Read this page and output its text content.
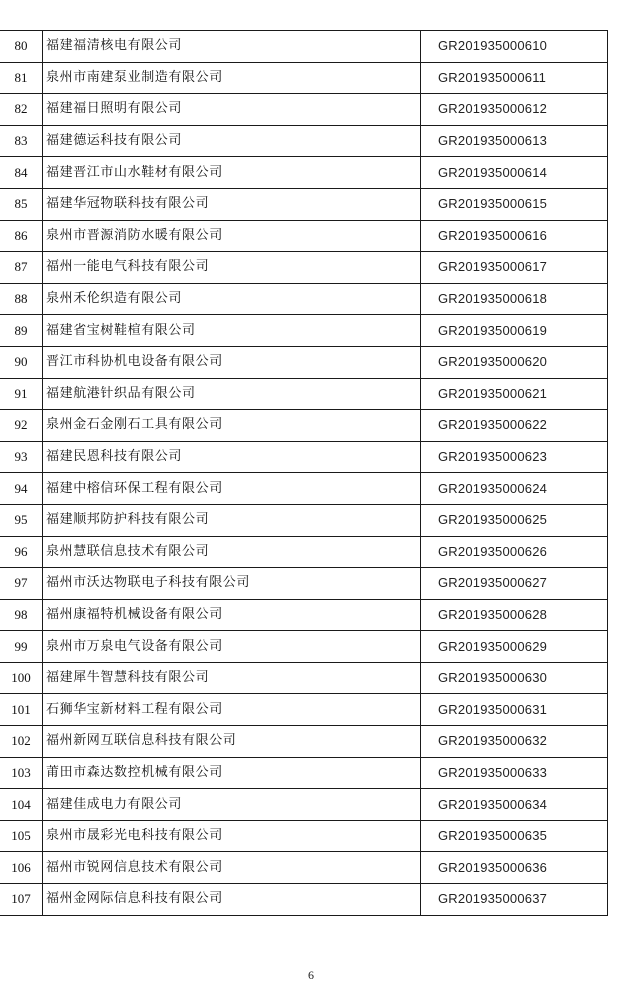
80	福建福清核电有限公司	GR201935000610
81	泉州市南建泵业制造有限公司	GR201935000611
82	福建福日照明有限公司	GR201935000612
83	福建德运科技有限公司	GR201935000613
84	福建晋江市山水鞋材有限公司	GR201935000614
85	福建华冠物联科技有限公司	GR201935000615
86	泉州市晋源消防水暖有限公司	GR201935000616
87	福州一能电气科技有限公司	GR201935000617
88	泉州禾伦织造有限公司	GR201935000618
89	福建省宝树鞋楦有限公司	GR201935000619
90	晋江市科协机电设备有限公司	GR201935000620
91	福建航港针织品有限公司	GR201935000621
92	泉州金石金刚石工具有限公司	GR201935000622
93	福建民恩科技有限公司	GR201935000623
94	福建中榕信环保工程有限公司	GR201935000624
95	福建顺邦防护科技有限公司	GR201935000625
96	泉州慧联信息技术有限公司	GR201935000626
97	福州市沃达物联电子科技有限公司	GR201935000627
98	福州康福特机械设备有限公司	GR201935000628
99	泉州市万泉电气设备有限公司	GR201935000629
100	福建犀牛智慧科技有限公司	GR201935000630
101	石狮华宝新材料工程有限公司	GR201935000631
102	福州新网互联信息科技有限公司	GR201935000632
103	莆田市森达数控机械有限公司	GR201935000633
104	福建佳成电力有限公司	GR201935000634
105	泉州市晟彩光电科技有限公司	GR201935000635
106	福州市锐网信息技术有限公司	GR201935000636
107	福州金网际信息科技有限公司	GR201935000637
6
